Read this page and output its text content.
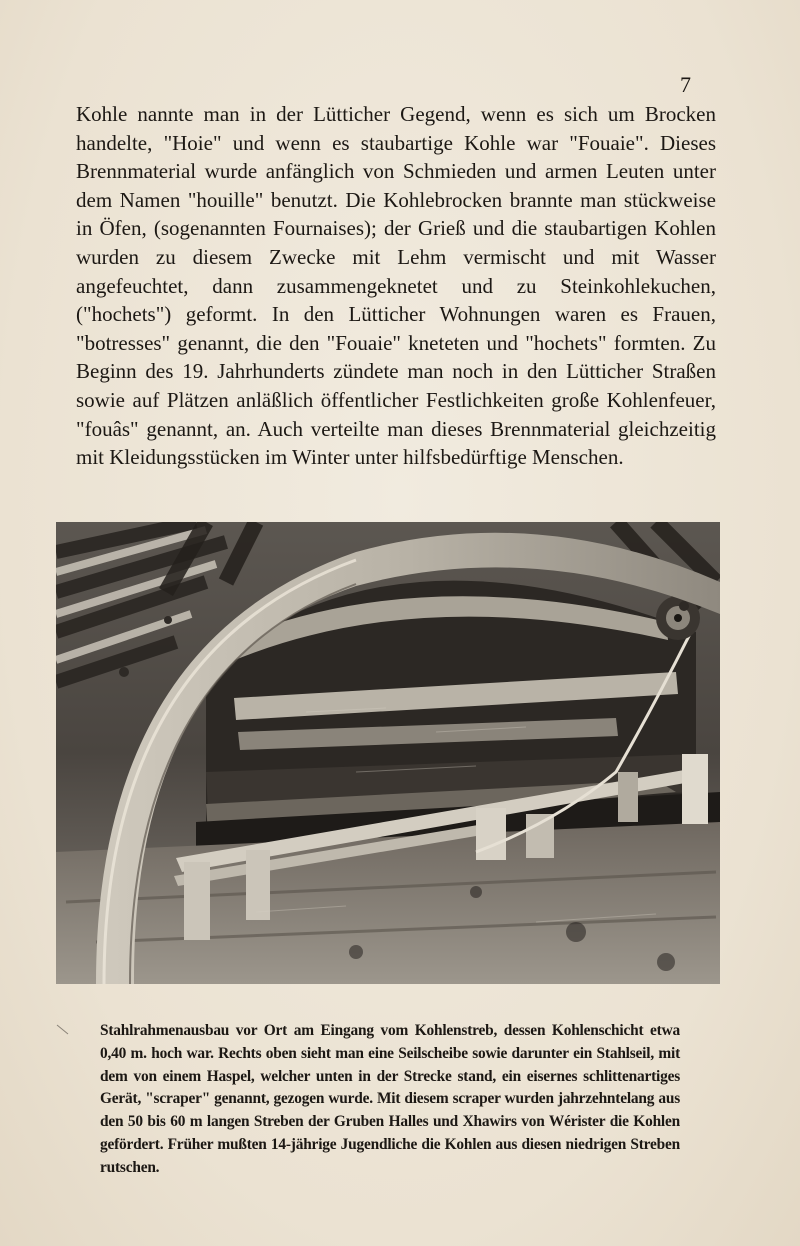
7

Kohle nannte man in der Lütticher Gegend, wenn es sich um Brocken handelte, "Hoie" und wenn es staubartige Kohle war "Fouaie". Dieses Brennmaterial wurde anfänglich von Schmieden und armen Leuten unter dem Namen "houille" benutzt. Die Kohlebrocken brannte man stückweise in Öfen, (sogenannten Fournaises); der Grieß und die staubartigen Kohlen wurden zu diesem Zwecke mit Lehm vermischt und mit Wasser angefeuchtet, dann zusammengeknetet und zu Steinkohlekuchen, ("hochets") geformt. In den Lütticher Wohnungen waren es Frauen, "botresses" genannt, die den "Fouaie" kneteten und "hochets" formten. Zu Beginn des 19. Jahrhunderts zündete man noch in den Lütticher Straßen sowie auf Plätzen anläßlich öffentlicher Festlichkeiten große Kohlenfeuer, "fouâs" genannt, an. Auch verteilte man dieses Brennmaterial gleichzeitig mit Kleidungsstücken im Winter unter hilfsbedürftige Menschen.

Stahlrahmenausbau vor Ort am Eingang vom Kohlenstreb, dessen Kohlenschicht etwa 0,40 m. hoch war. Rechts oben sieht man eine Seilscheibe sowie darunter ein Stahlseil, mit dem von einem Haspel, welcher unten in der Strecke stand, ein eisernes schlittenartiges Gerät, "scraper" genannt, gezogen wurde. Mit diesem scraper wurden jahrzehntelang aus den 50 bis 60 m langen Streben der Gruben Halles und Xhawirs von Wérister die Kohlen gefördert. Früher mußten 14-jährige Jugendliche die Kohlen aus diesen niedrigen Streben rutschen.
